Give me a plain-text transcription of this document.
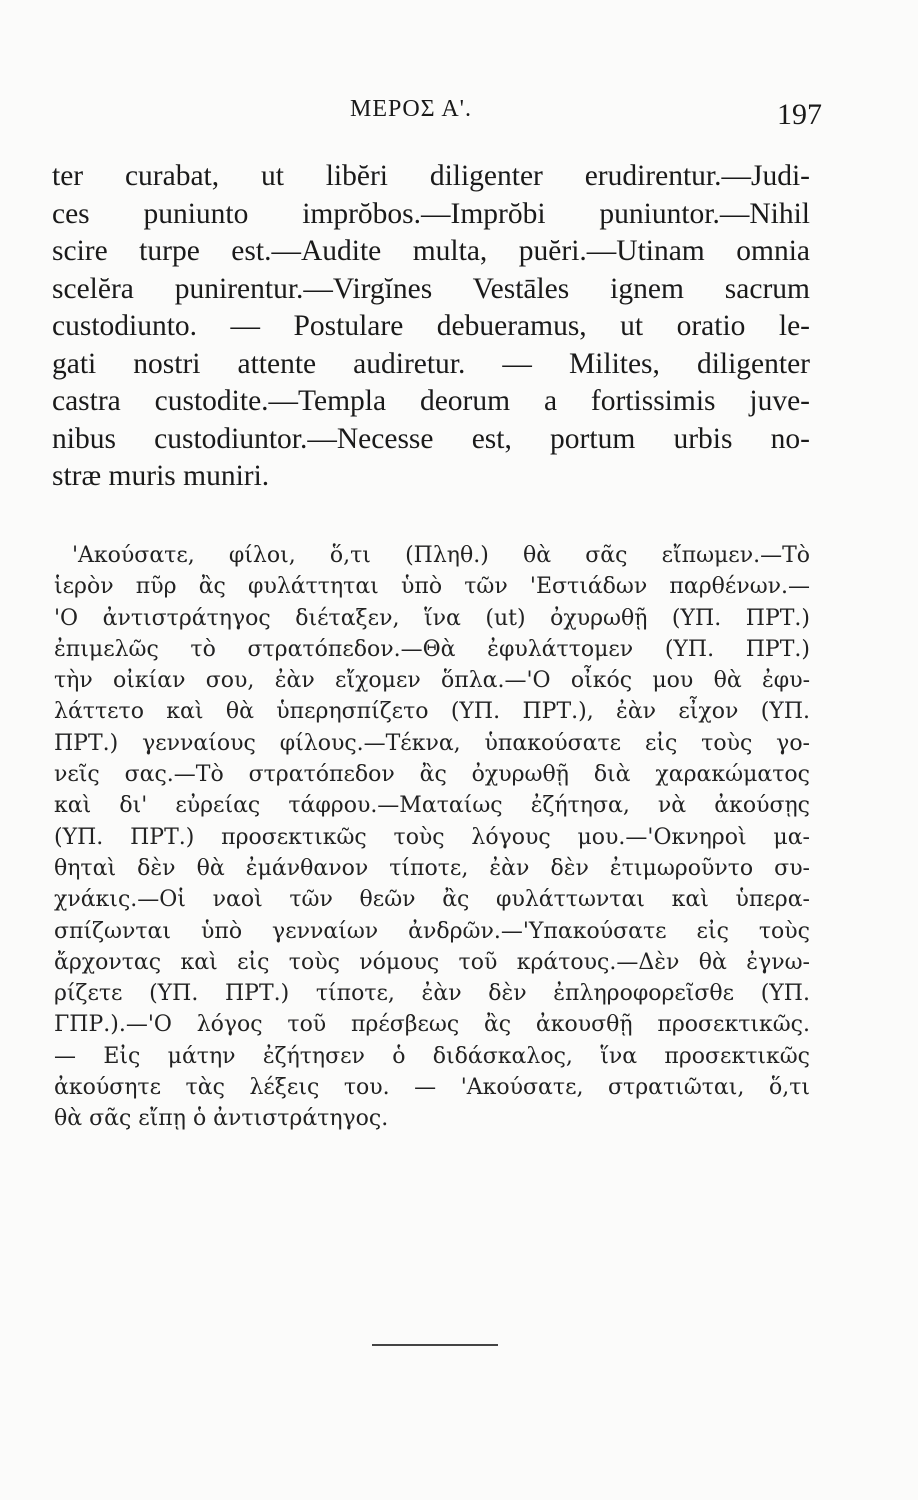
ΜΕΡΟΣ Α'.	197
ter curabat, ut libĕri diligenter erudirentur.—Judi-
ces puniunto imprŏbos.—Imprŏbi puniuntor.—Nihil
scire turpe est.—Audite multa, puĕri.—Utinam omnia
scelĕra punirentur.—Virgĭnes Vestāles ignem sacrum
custodiunto. — Postulare debueramus, ut oratio le-
gati nostri attente audiretur. — Milites, diligenter
castra custodite.—Templa deorum a fortissimis juve-
nibus custodiuntor.—Necesse est, portum urbis no-
stræ muris muniri.
'Ακούσατε, φίλοι, ὅ,τι (Πληθ.) θὰ σᾶς εἴπωμεν.—Τὸ
ἱερὸν πῦρ ἂς φυλάττηται ὑπὸ τῶν 'Εστιάδων παρθένων.—
'Ο ἀντιστράτηγος διέταξεν, ἵνα (ut) ὀχυρωθῇ (ΥΠ. ΠΡΤ.)
ἐπιμελῶς τὸ στρατόπεδον.—Θὰ ἐφυλάττομεν (ΥΠ. ΠΡΤ.)
τὴν οἰκίαν σου, ἐὰν εἴχομεν ὅπλα.—'Ο οἶκός μου θὰ ἐφυ-
λάττετο καὶ θὰ ὑπερησπίζετο (ΥΠ. ΠΡΤ.), ἐὰν εἶχον (ΥΠ.
ΠΡΤ.) γενναίους φίλους.—Τέκνα, ὑπακούσατε εἰς τοὺς γο-
νεῖς σας.—Τὸ στρατόπεδον ἂς ὀχυρωθῇ διὰ χαρακώματος
καὶ δι' εὐρείας τάφρου.—Ματαίως ἐζήτησα, νὰ ἀκούσῃς
(ΥΠ. ΠΡΤ.) προσεκτικῶς τοὺς λόγους μου.—'Οκνηροὶ μα-
θηταὶ δὲν θὰ ἐμάνθανον τίποτε, ἐὰν δὲν ἐτιμωροῦντο συ-
χνάκις.—Οἱ ναοὶ τῶν θεῶν ἂς φυλάττωνται καὶ ὑπερα-
σπίζωνται ὑπὸ γενναίων ἀνδρῶν.—'Υπακούσατε εἰς τοὺς
ἄρχοντας καὶ εἰς τοὺς νόμους τοῦ κράτους.—Δὲν θὰ ἐγνω-
ρίζετε (ΥΠ. ΠΡΤ.) τίποτε, ἐὰν δὲν ἐπληροφορεῖσθε (ΥΠ.
ΓΠΡ.).—'Ο λόγος τοῦ πρέσβεως ἂς ἀκουσθῇ προσεκτικῶς.
— Εἰς μάτην ἐζήτησεν ὁ διδάσκαλος, ἵνα προσεκτικῶς
ἀκούσητε τὰς λέξεις του. — 'Ακούσατε, στρατιῶται, ὅ,τι
θὰ σᾶς εἴπῃ ὁ ἀντιστράτηγος.
